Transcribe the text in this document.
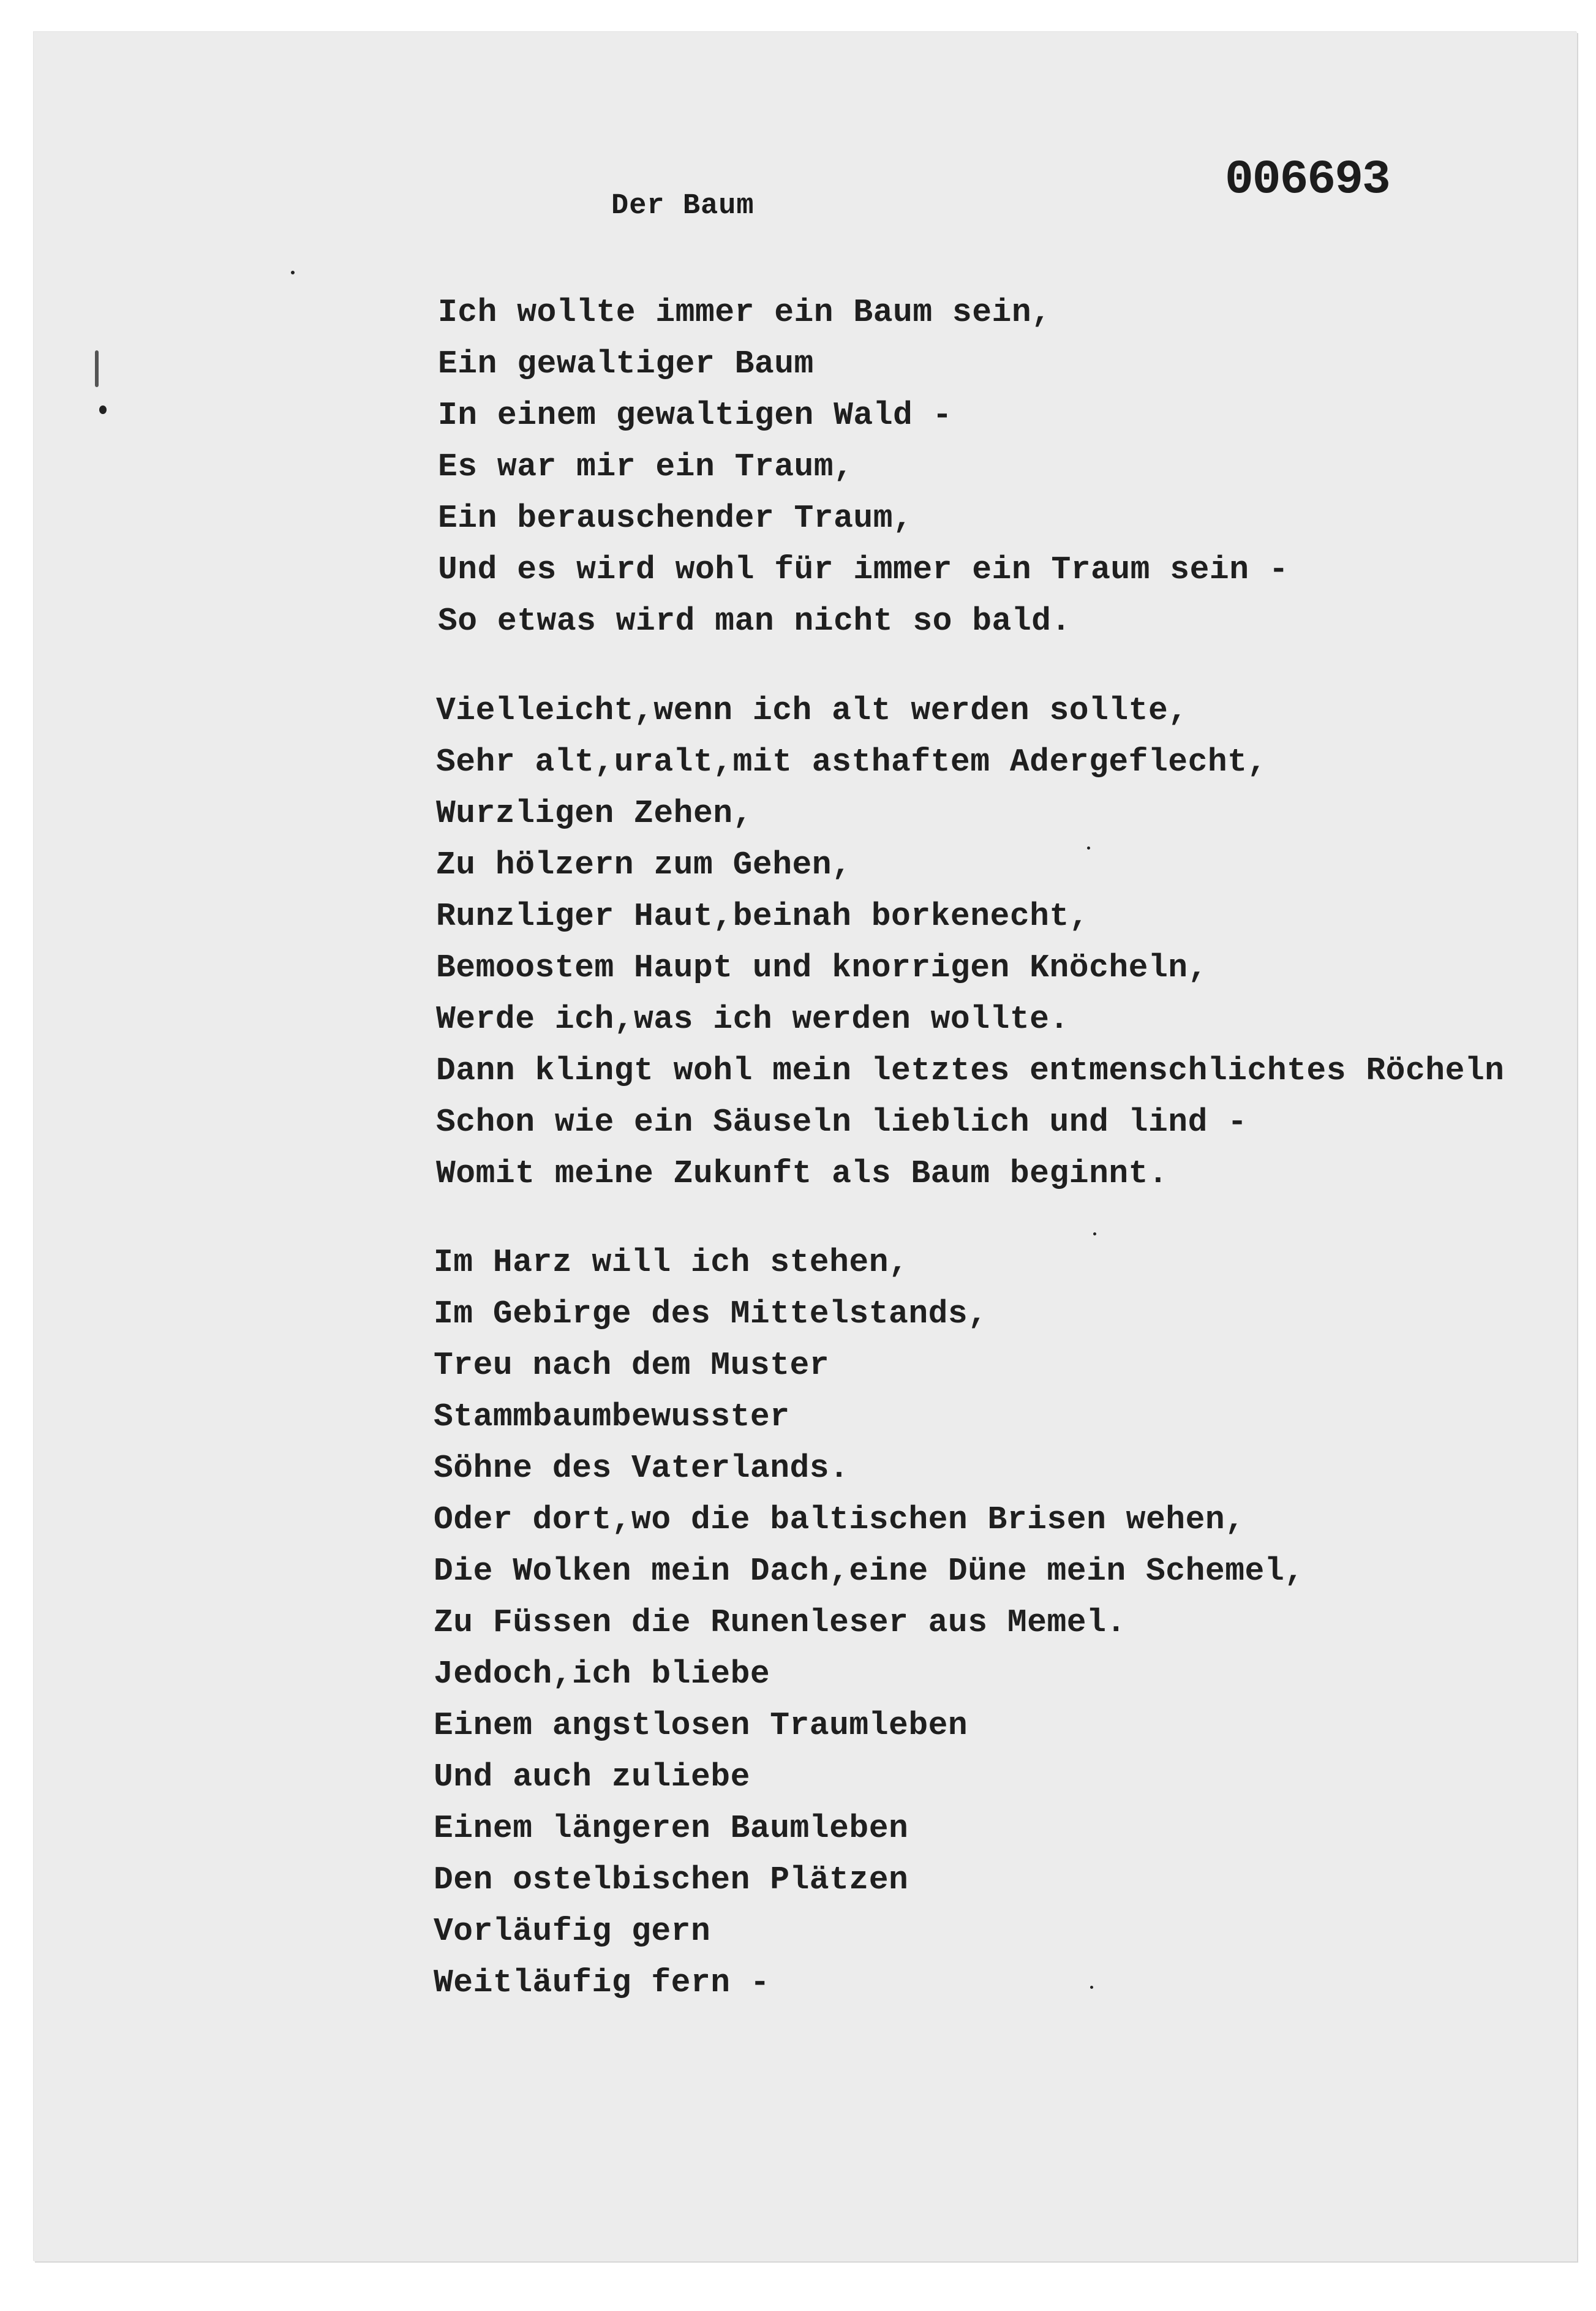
006693
Der Baum
Ich wollte immer ein Baum sein,
Ein gewaltiger Baum
In einem gewaltigen Wald -
Es war mir ein Traum,
Ein berauschender Traum,
Und es wird wohl für immer ein Traum sein -
So etwas wird man nicht so bald.
Vielleicht,wenn ich alt werden sollte,
Sehr alt,uralt,mit asthaftem Adergeflecht,
Wurzligen Zehen,
Zu hölzern zum Gehen,
Runzliger Haut,beinah borkenecht,
Bemoostem Haupt und knorrigen Knöcheln,
Werde ich,was ich werden wollte.
Dann klingt wohl mein letztes entmenschlichtes Röcheln
Schon wie ein Säuseln lieblich und lind -
Womit meine Zukunft als Baum beginnt.
Im Harz will ich stehen,
Im Gebirge des Mittelstands,
Treu nach dem Muster
Stammbaumbewusster
Söhne des Vaterlands.
Oder dort,wo die baltischen Brisen wehen,
Die Wolken mein Dach,eine Düne mein Schemel,
Zu Füssen die Runenleser aus Memel.
Jedoch,ich bliebe
Einem angstlosen Traumleben
Und auch zuliebe
Einem längeren Baumleben
Den ostelbischen Plätzen
Vorläufig gern
Weitläufig fern -
